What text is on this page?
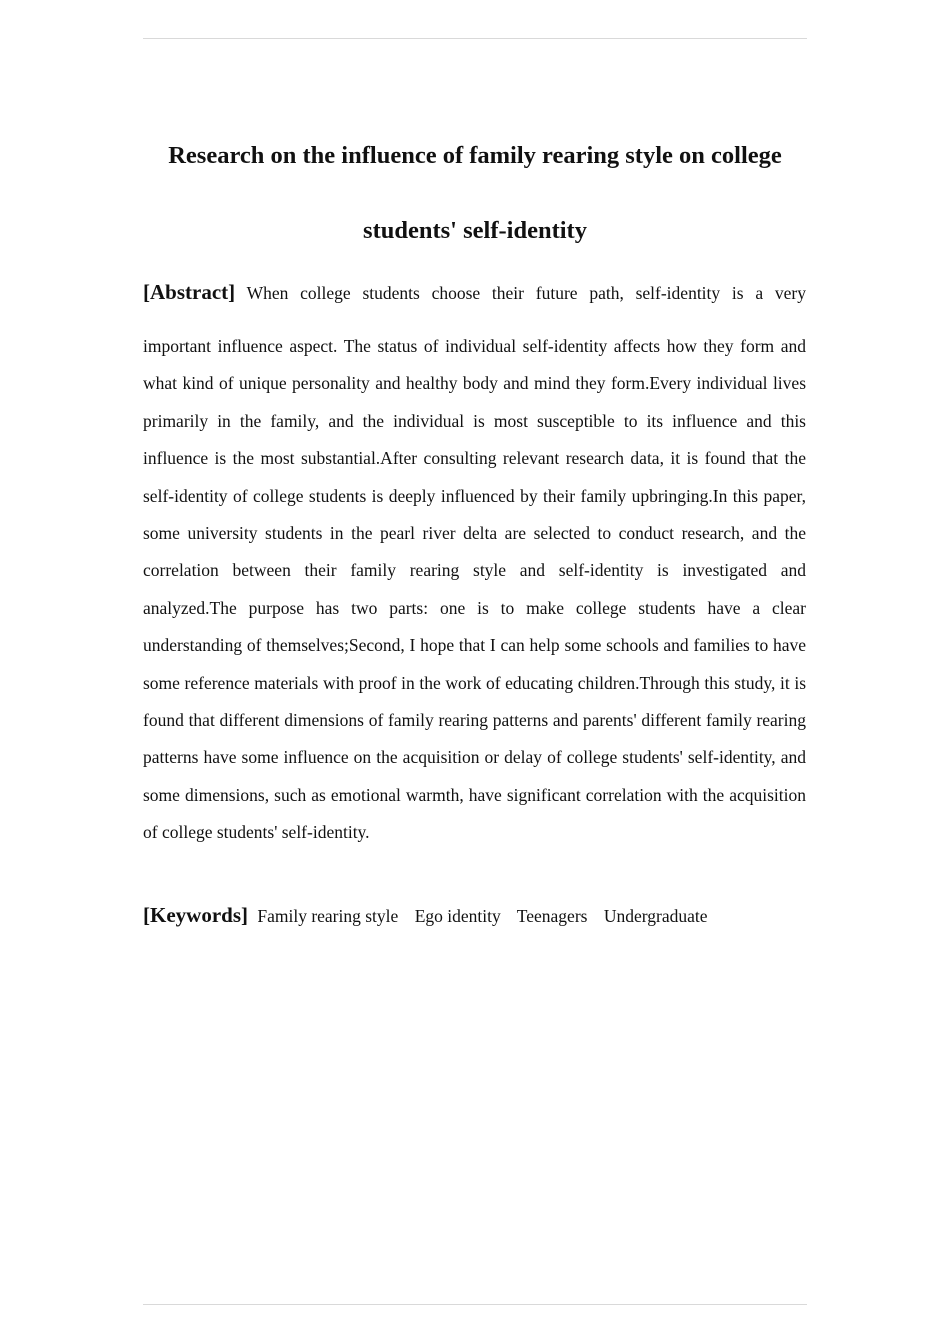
Research on the influence of family rearing style on college
students' self-identity
[Abstract] When college students choose their future path, self-identity is a very
important influence aspect. The status of individual self-identity affects how they form and what kind of unique personality and healthy body and mind they form.Every individual lives primarily in the family, and the individual is most susceptible to its influence and this influence is the most substantial.After consulting relevant research data, it is found that the self-identity of college students is deeply influenced by their family upbringing.In this paper, some university students in the pearl river delta are selected to conduct research, and the correlation between their family rearing style and self-identity is investigated and analyzed.The purpose has two parts: one is to make college students have a clear understanding of themselves;Second, I hope that I can help some schools and families to have some reference materials with proof in the work of educating children.Through this study, it is found that different dimensions of family rearing patterns and parents' different family rearing patterns have some influence on the acquisition or delay of college students' self-identity, and some dimensions, such as emotional warmth, have significant correlation with the acquisition of college students' self-identity.
[Keywords] Family rearing style Ego identity Teenagers Undergraduate
